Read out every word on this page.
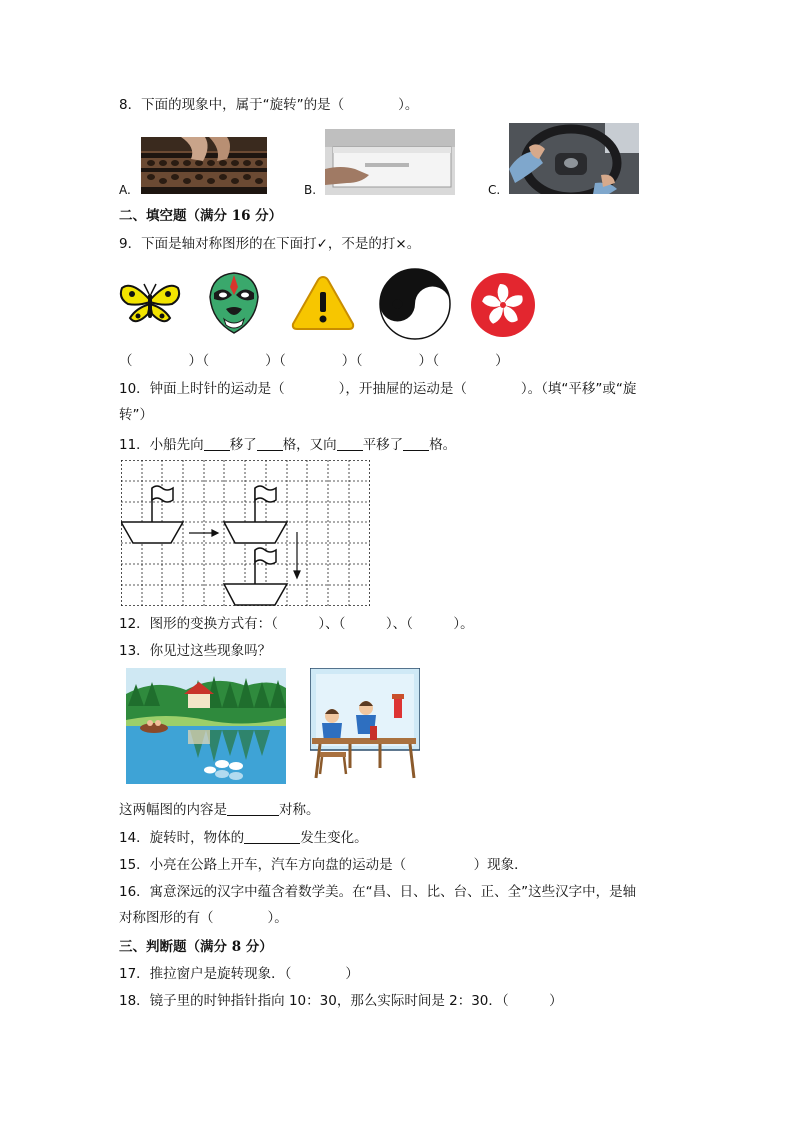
8．下面的现象中，属于“旋转”的是（　　　　）。
A.	B.	C.
二、填空题（满分 16 分）
9．下面是轴对称图形的在下面打✓，不是的打×。
（　　　　）（　　　　）（　　　　）（　　　　）（　　　　）
10．钟面上时针的运动是（　　　　），开抽屉的运动是（　　　　）。（填“平移”或“旋
转”）
11．小船先向 移了 格，又向 平移了 格。
12．图形的变换方式有：（　　　）、（　　　）、（　　　）。
13．你见过这些现象吗？
这两幅图的内容是	对称。
14．旋转时，物体的	发生变化。
15．小亮在公路上开车，汽车方向盘的运动是（　　　　　）现象．
16．寓意深远的汉字中蕴含着数学美。在“昌、日、比、台、正、全”这些汉字中，是轴
对称图形的有（　　　　）。
三、判断题（满分 8 分）
17．推拉窗户是旋转现象．（　　　　）
18．镜子里的时钟指针指向 10：30，那么实际时间是 2：30．（　　　）
